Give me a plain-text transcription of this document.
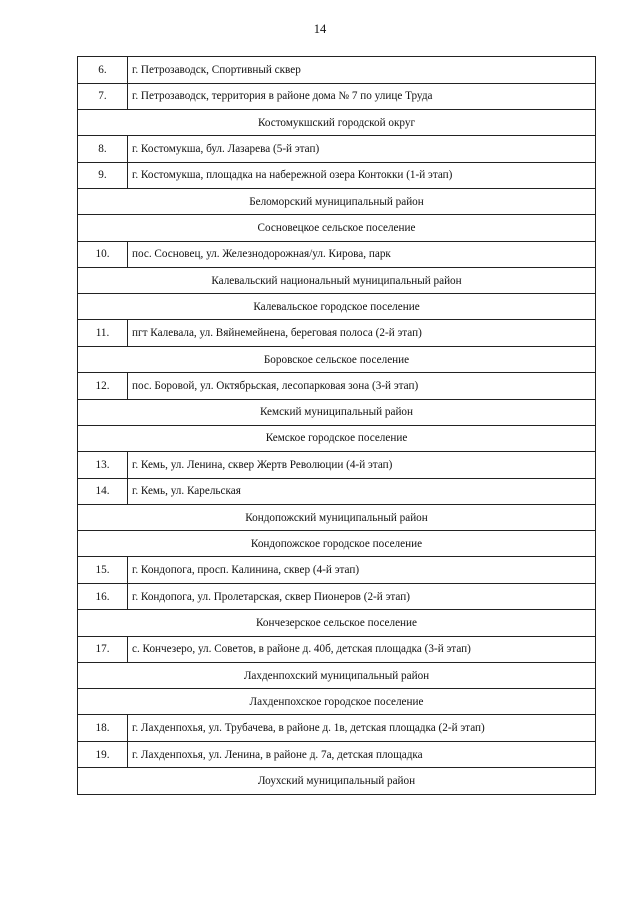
14
6.	г. Петрозаводск, Спортивный сквер
7.	г. Петрозаводск, территория в районе дома № 7 по улице Труда
Костомукшский городской округ	
8.	г. Костомукша, бул. Лазарева (5-й этап)
9.	г. Костомукша, площадка на набережной озера Контокки (1-й этап)
Беломорский муниципальный район	
Сосновецкое сельское поселение	
10.	пос. Сосновец, ул. Железнодорожная/ул. Кирова, парк
Калевальский национальный муниципальный район	
Калевальское городское поселение	
11.	пгт Калевала, ул. Вяйнемейнена, береговая полоса (2-й этап)
Боровское сельское поселение	
12.	пос. Боровой, ул. Октябрьская, лесопарковая зона (3-й этап)
Кемский муниципальный район	
Кемское городское поселение	
13.	г. Кемь, ул. Ленина, сквер Жертв Революции (4-й этап)
14.	г. Кемь, ул. Карельская
Кондопожский муниципальный район	
Кондопожское городское поселение	
15.	г. Кондопога, просп. Калинина, сквер (4-й этап)
16.	г. Кондопога, ул. Пролетарская, сквер Пионеров (2-й этап)
Кончезерское сельское поселение	
17.	с. Кончезеро, ул. Советов, в районе д. 40б, детская площадка (3-й этап)
Лахденпохский муниципальный район	
Лахденпохское городское поселение	
18.	г. Лахденпохья, ул. Трубачева, в районе д. 1в, детская площадка (2-й этап)
19.	г. Лахденпохья, ул. Ленина, в районе д. 7а, детская площадка
Лоухский муниципальный район	
